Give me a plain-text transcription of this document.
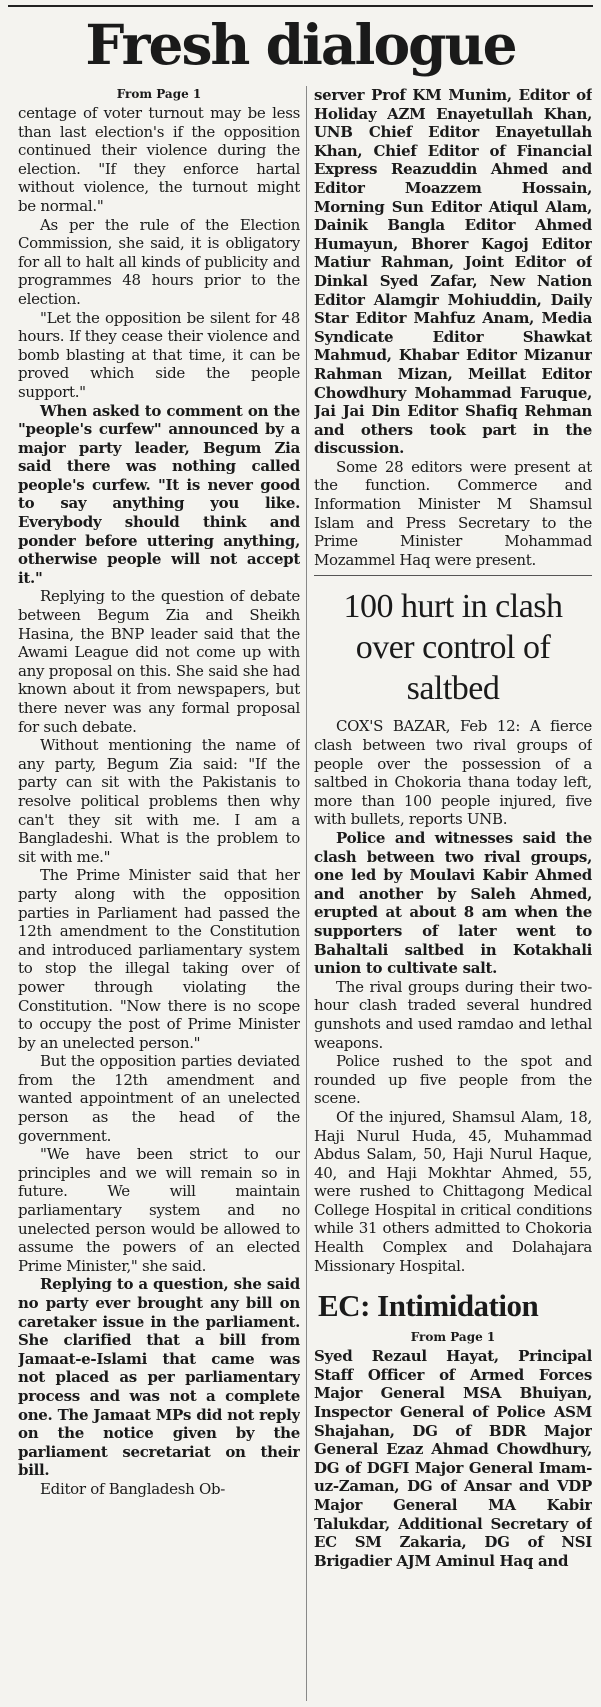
Fresh dialogue
From Page 1

centage of voter turnout may be less than last election's if the opposition continued their violence during the election. "If they enforce hartal without violence, the turnout might be normal."

As per the rule of the Election Commission, she said, it is obligatory for all to halt all kinds of publicity and programmes 48 hours prior to the election.

"Let the opposition be silent for 48 hours. If they cease their violence and bomb blasting at that time, it can be proved which side the people support."

When asked to comment on the "people's curfew" announced by a major party leader, Begum Zia said there was nothing called people's curfew. "It is never good to say anything you like. Everybody should think and ponder before uttering anything, otherwise people will not accept it."

Replying to the question of debate between Begum Zia and Sheikh Hasina, the BNP leader said that the Awami League did not come up with any proposal on this. She said she had known about it from newspapers, but there never was any formal proposal for such debate.

Without mentioning the name of any party, Begum Zia said: "If the party can sit with the Pakistanis to resolve political problems then why can't they sit with me. I am a Bangladeshi. What is the problem to sit with me."

The Prime Minister said that her party along with the opposition parties in Parliament had passed the 12th amendment to the Constitution and introduced parliamentary system to stop the illegal taking over of power through violating the Constitution. "Now there is no scope to occupy the post of Prime Minister by an unelected person."

But the opposition parties deviated from the 12th amendment and wanted appointment of an unelected person as the head of the government.

"We have been strict to our principles and we will remain so in future. We will maintain parliamentary system and no unelected person would be allowed to assume the powers of an elected Prime Minister," she said.

Replying to a question, she said no party ever brought any bill on caretaker issue in the parliament. She clarified that a bill from Jamaat-e-Islami that came was not placed as per parliamentary process and was not a complete one. The Jamaat MPs did not reply on the notice given by the parliament secretariat on their bill.

Editor of Bangladesh Ob-

server Prof KM Munim, Editor of Holiday AZM Enayetullah Khan, UNB Chief Editor Enayetullah Khan, Chief Editor of Financial Express Reazuddin Ahmed and Editor Moazzem Hossain, Morning Sun Editor Atiqul Alam, Dainik Bangla Editor Ahmed Humayun, Bhorer Kagoj Editor Matiur Rahman, Joint Editor of Dinkal Syed Zafar, New Nation Editor Alamgir Mohiuddin, Daily Star Editor Mahfuz Anam, Media Syndicate Editor Shawkat Mahmud, Khabar Editor Mizanur Rahman Mizan, Meillat Editor Chowdhury Mohammad Faruque, Jai Jai Din Editor Shafiq Rehman and others took part in the discussion.

Some 28 editors were present at the function. Commerce and Information Minister M Shamsul Islam and Press Secretary to the Prime Minister Mohammad Mozammel Haq were present.

100 hurt in clash over control of saltbed

COX'S BAZAR, Feb 12: A fierce clash between two rival groups of people over the possession of a saltbed in Chokoria thana today left, more than 100 people injured, five with bullets, reports UNB.

Police and witnesses said the clash between two rival groups, one led by Moulavi Kabir Ahmed and another by Saleh Ahmed, erupted at about 8 am when the supporters of later went to Bahaltali saltbed in Kotakhali union to cultivate salt.

The rival groups during their two-hour clash traded several hundred gunshots and used ramdao and lethal weapons.

Police rushed to the spot and rounded up five people from the scene.

Of the injured, Shamsul Alam, 18, Haji Nurul Huda, 45, Muhammad Abdus Salam, 50, Haji Nurul Haque, 40, and Haji Mokhtar Ahmed, 55, were rushed to Chittagong Medical College Hospital in critical conditions while 31 others admitted to Chokoria Health Complex and Dolahajara Missionary Hospital.

EC: Intimidation
From Page 1

Syed Rezaul Hayat, Principal Staff Officer of Armed Forces Major General MSA Bhuiyan, Inspector General of Police ASM Shajahan, DG of BDR Major General Ezaz Ahmad Chowdhury, DG of DGFI Major General Imam-uz-Zaman, DG of Ansar and VDP Major General MA Kabir Talukdar, Additional Secretary of EC SM Zakaria, DG of NSI Brigadier AJM Aminul Haq and
